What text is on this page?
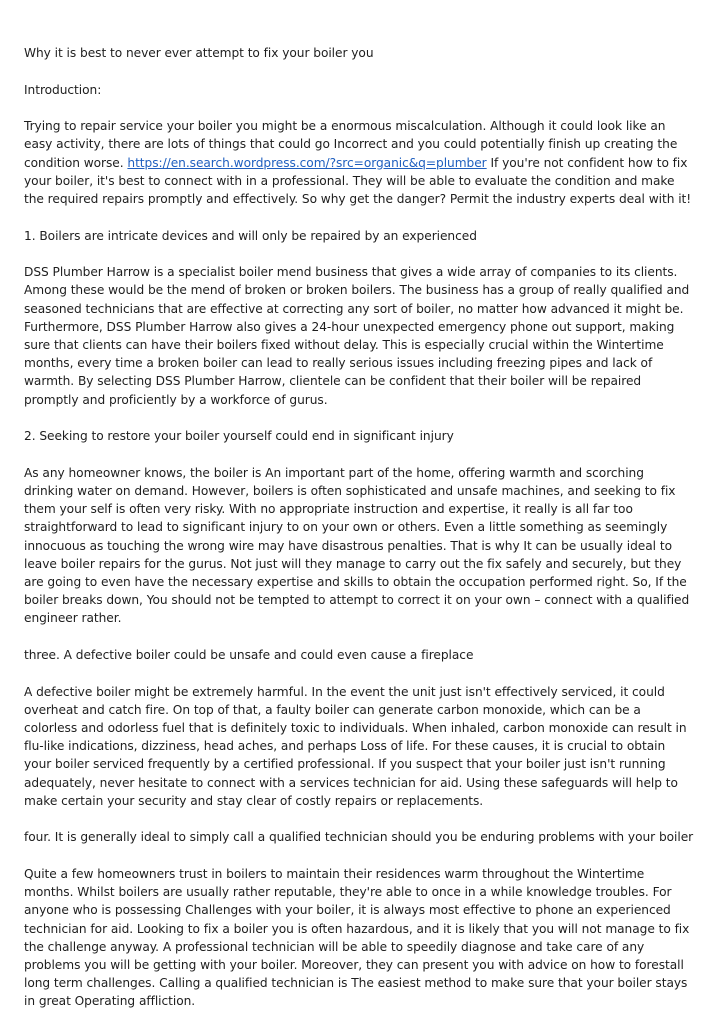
Why it is best to never ever attempt to fix your boiler you

Introduction:

Trying to repair service your boiler you might be a enormous miscalculation. Although it could look like an easy activity, there are lots of things that could go Incorrect and you could potentially finish up creating the condition worse. https://en.search.wordpress.com/?src=organic&q=plumber If you're not confident how to fix your boiler, it's best to connect with in a professional. They will be able to evaluate the condition and make the required repairs promptly and effectively. So why get the danger? Permit the industry experts deal with it!

1. Boilers are intricate devices and will only be repaired by an experienced

DSS Plumber Harrow is a specialist boiler mend business that gives a wide array of companies to its clients. Among these would be the mend of broken or broken boilers. The business has a group of really qualified and seasoned technicians that are effective at correcting any sort of boiler, no matter how advanced it might be. Furthermore, DSS Plumber Harrow also gives a 24-hour unexpected emergency phone out support, making sure that clients can have their boilers fixed without delay. This is especially crucial within the Wintertime months, every time a broken boiler can lead to really serious issues including freezing pipes and lack of warmth. By selecting DSS Plumber Harrow, clientele can be confident that their boiler will be repaired promptly and proficiently by a workforce of gurus.

2. Seeking to restore your boiler yourself could end in significant injury

As any homeowner knows, the boiler is An important part of the home, offering warmth and scorching drinking water on demand. However, boilers is often sophisticated and unsafe machines, and seeking to fix them your self is often very risky. With no appropriate instruction and expertise, it really is all far too straightforward to lead to significant injury to on your own or others. Even a little something as seemingly innocuous as touching the wrong wire may have disastrous penalties. That is why It can be usually ideal to leave boiler repairs for the gurus. Not just will they manage to carry out the fix safely and securely, but they are going to even have the necessary expertise and skills to obtain the occupation performed right. So, If the boiler breaks down, You should not be tempted to attempt to correct it on your own – connect with a qualified engineer rather.

three. A defective boiler could be unsafe and could even cause a fireplace

A defective boiler might be extremely harmful. In the event the unit just isn't effectively serviced, it could overheat and catch fire. On top of that, a faulty boiler can generate carbon monoxide, which can be a colorless and odorless fuel that is definitely toxic to individuals. When inhaled, carbon monoxide can result in flu-like indications, dizziness, head aches, and perhaps Loss of life. For these causes, it is crucial to obtain your boiler serviced frequently by a certified professional. If you suspect that your boiler just isn't running adequately, never hesitate to connect with a services technician for aid. Using these safeguards will help to make certain your security and stay clear of costly repairs or replacements.

four. It is generally ideal to simply call a qualified technician should you be enduring problems with your boiler

Quite a few homeowners trust in boilers to maintain their residences warm throughout the Wintertime months. Whilst boilers are usually rather reputable, they're able to once in a while knowledge troubles. For anyone who is possessing Challenges with your boiler, it is always most effective to phone an experienced technician for aid. Looking to fix a boiler you is often hazardous, and it is likely that you will not manage to fix the challenge anyway. A professional technician will be able to speedily diagnose and take care of any problems you will be getting with your boiler. Moreover, they can present you with advice on how to forestall long term challenges. Calling a qualified technician is The easiest method to make sure that your boiler stays in great Operating affliction.
